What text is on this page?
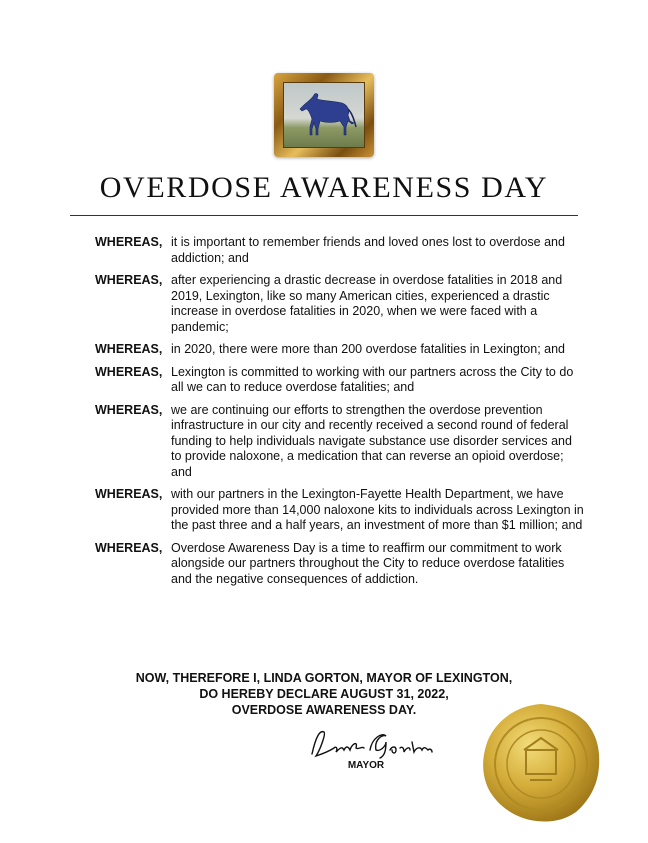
OVERDOSE AWARENESS DAY
WHEREAS, it is important to remember friends and loved ones lost to overdose and addiction; and
WHEREAS, after experiencing a drastic decrease in overdose fatalities in 2018 and 2019, Lexington, like so many American cities, experienced a drastic increase in overdose fatalities in 2020, when we were faced with a pandemic;
WHEREAS, in 2020, there were more than 200 overdose fatalities in Lexington; and
WHEREAS, Lexington is committed to working with our partners across the City to do all we can to reduce overdose fatalities; and
WHEREAS, we are continuing our efforts to strengthen the overdose prevention infrastructure in our city and recently received a second round of federal funding to help individuals navigate substance use disorder services and to provide naloxone, a medication that can reverse an opioid overdose; and
WHEREAS, with our partners in the Lexington-Fayette Health Department, we have provided more than 14,000 naloxone kits to individuals across Lexington in the past three and a half years, an investment of more than $1 million; and
WHEREAS, Overdose Awareness Day is a time to reaffirm our commitment to work alongside our partners throughout the City to reduce overdose fatalities and the negative consequences of addiction.
NOW, THEREFORE I, LINDA GORTON, MAYOR OF LEXINGTON,
DO HEREBY DECLARE AUGUST 31, 2022,
OVERDOSE AWARENESS DAY.
MAYOR
